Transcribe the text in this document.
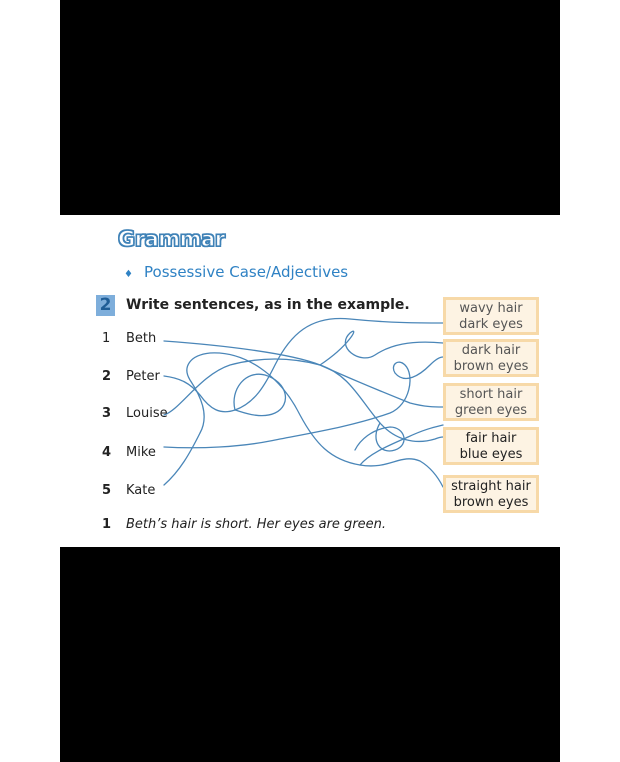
Grammar
♦ Possessive Case/Adjectives
2 Write sentences, as in the example.
1 Beth
2 Peter
3 Louise
4 Mike
5 Kate
wavy hair
dark eyes
dark hair
brown eyes
short hair
green eyes
fair hair
blue eyes
straight hair
brown eyes
1 Beth’s hair is short. Her eyes are green.
